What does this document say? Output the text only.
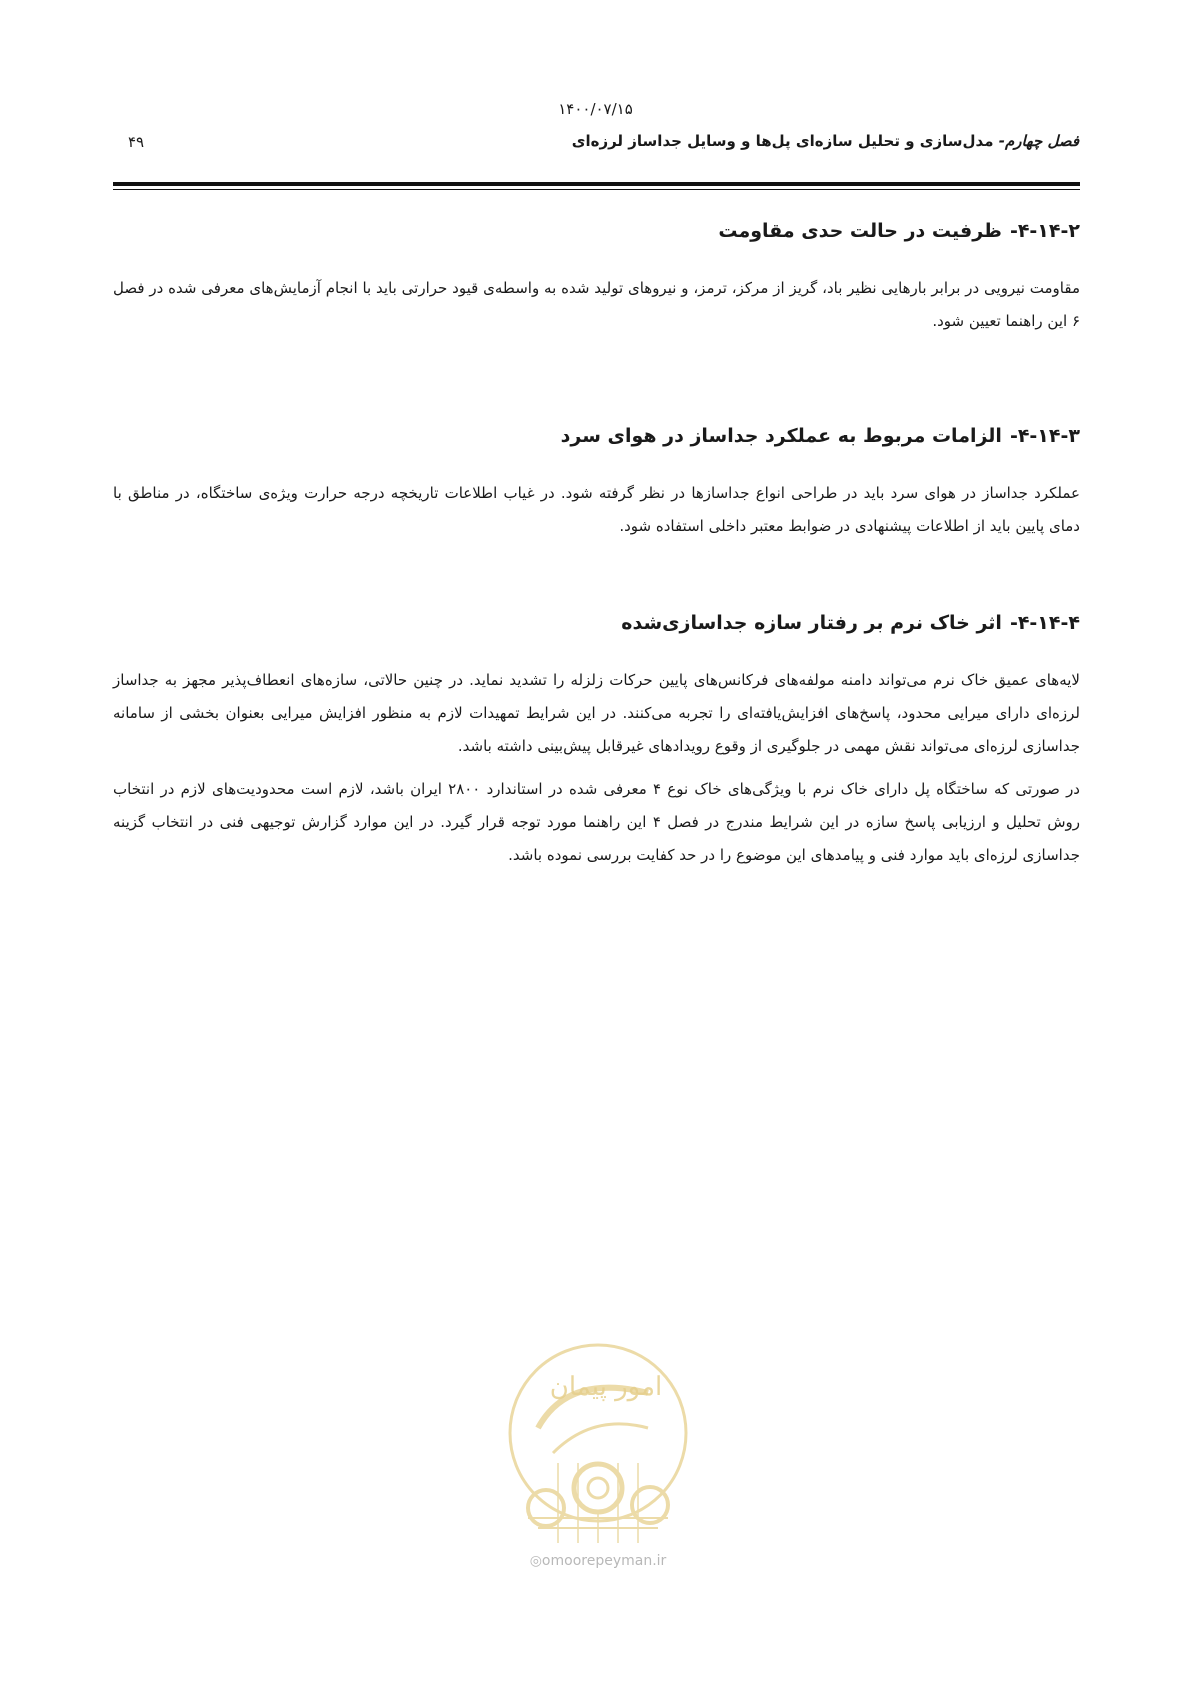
۱۴۰۰/۰۷/۱۵
فصل چهارم- مدل‌سازی و تحلیل سازه‌ای پل‌ها و وسایل جداساز لرزه‌ای
۴۹
۴-۱۴-۲-ظرفیت در حالت حدی مقاومت

مقاومت نیرویی در برابر بارهایی نظیر باد، گریز از مرکز، ترمز، و نیروهای تولید شده به واسطه‌ی قیود حرارتی باید با انجام آزمایش‌های معرفی شده در فصل ۶ این راهنما تعیین شود.

۴-۱۴-۳-الزامات مربوط به عملکرد جداساز در هوای سرد

عملکرد جداساز در هوای سرد باید در طراحی انواع جداسازها در نظر گرفته شود. در غیاب اطلاعات تاریخچه درجه حرارت ویژه‌ی ساختگاه، در مناطق با دمای پایین باید از اطلاعات پیشنهادی در ضوابط معتبر داخلی استفاده شود.

۴-۱۴-۴-اثر خاک نرم بر رفتار سازه جداسازی‌شده

لایه‌های عمیق خاک نرم می‌تواند دامنه مولفه‌های فرکانس‌های پایین حرکات زلزله را تشدید نماید. در چنین حالاتی، سازه‌های انعطاف‌پذیر مجهز به جداساز لرزه‌ای دارای میرایی محدود، پاسخ‌های افزایش‌یافته‌ای را تجربه می‌کنند. در این شرایط تمهیدات لازم به منظور افزایش میرایی بعنوان بخشی از سامانه جداسازی لرزه‌ای می‌تواند نقش مهمی در جلوگیری از وقوع رویدادهای غیرقابل پیش‌بینی داشته باشد.

در صورتی که ساختگاه پل دارای خاک نرم با ویژگی‌های خاک نوع ۴ معرفی شده در استاندارد ۲۸۰۰ ایران باشد، لازم است محدودیت‌های لازم در انتخاب روش تحلیل و ارزیابی پاسخ سازه در این شرایط مندرج در فصل ۴ این راهنما مورد توجه قرار گیرد. در این موارد گزارش توجیهی فنی در انتخاب گزینه جداسازی لرزه‌ای باید موارد فنی و پیامدهای این موضوع را در حد کفایت بررسی نموده باشد.

امور پیمان
◎omoorepeyman.ir
